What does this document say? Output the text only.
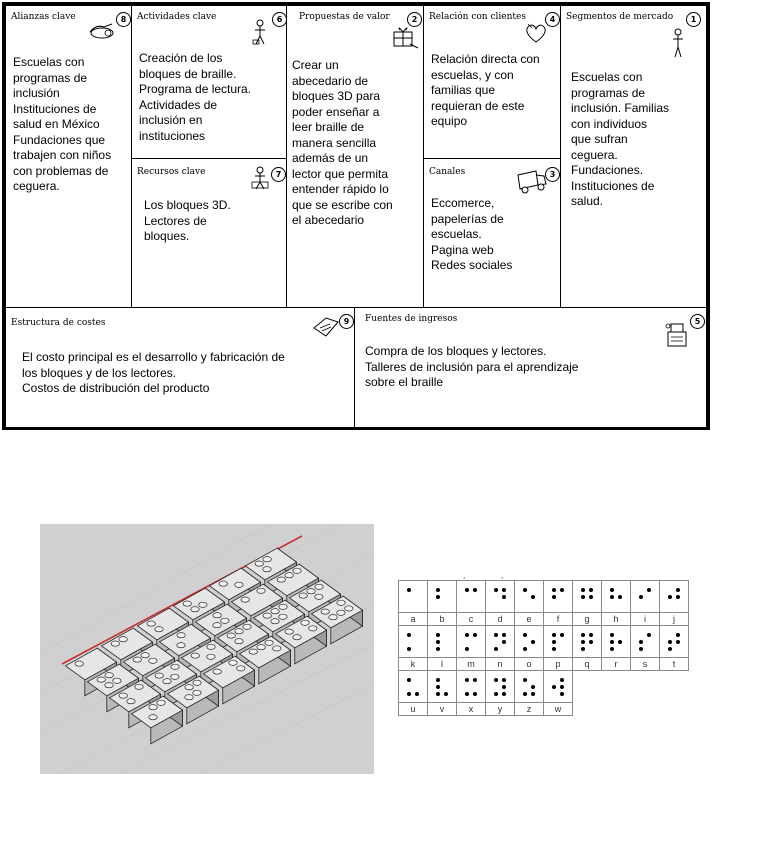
Alianzas clave	8
Escuelas con
programas de
inclusión
Instituciones de
salud en México
Fundaciones que
trabajen con niños
con problemas de
ceguera.
Actividades clave	6
Creación de los
bloques de braille.
Programa de lectura.
Actividades de
inclusión en
instituciones
Recursos clave	7
Los bloques 3D.
Lectores de
bloques.
Propuestas de valor	2
Crear un
abecedario de
bloques 3D para
poder enseñar a
leer braille de
manera sencilla
además de un
lector que permita
entender rápido lo
que se escribe con
el abecedario
Relación con clientes	4
Relación directa con
escuelas, y con
familias que
requieran de este
equipo
Canales	3
Eccomerce,
papelerías de
escuelas.
Pagina web
Redes sociales
Segmentos de mercado	1
Escuelas con
programas de
inclusión. Familias
con individuos
que sufran
ceguera.
Fundaciones.
Instituciones de
salud.
Estructura de costes	9
El costo principal es el desarrollo y fabricación de
los bloques y de los lectores.
Costos de distribución del producto
Fuentes de ingresos	5
Compra de los bloques y lectores.
Talleres de inclusión para el aprendizaje
sobre el braille
,	,

a	b	c	d	e	f	g	h	i	j

k	l	m	n	o	p	q	r	s	t

u	v	x	y	z	w				
